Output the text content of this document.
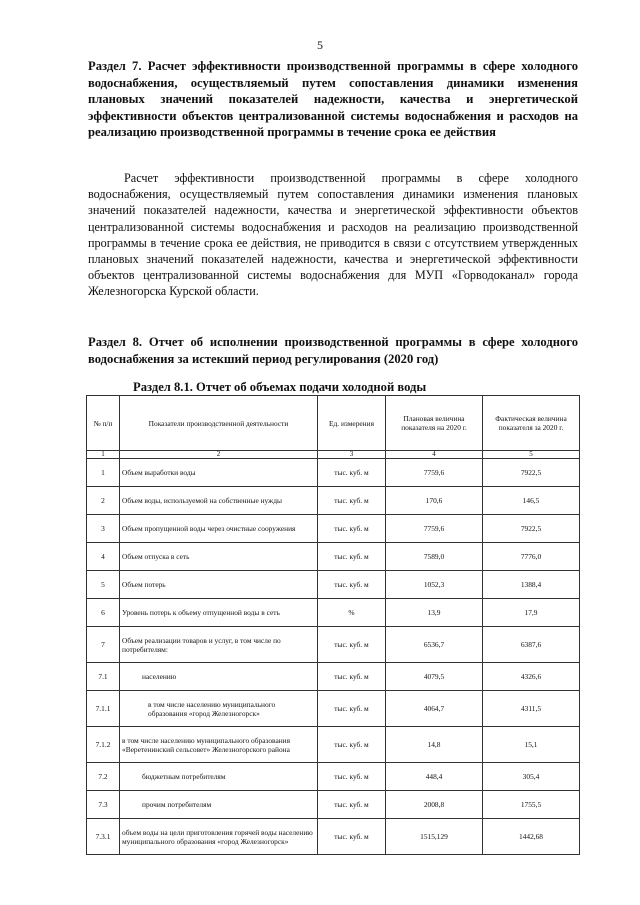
5
Раздел 7. Расчет эффективности производственной программы в сфере холодного водоснабжения, осуществляемый путем сопоставления динамики изменения плановых значений показателей надежности, качества и энергетической эффективности объектов централизованной системы водоснабжения и расходов на реализацию производственной программы в течение срока ее действия
Расчет эффективности производственной программы в сфере холодного водоснабжения, осуществляемый путем сопоставления динамики изменения плановых значений показателей надежности, качества и энергетической эффективности объектов централизованной системы водоснабжения и расходов на реализацию производственной программы в течение срока ее действия, не приводится в связи с отсутствием утвержденных плановых значений показателей надежности, качества и энергетической эффективности объектов централизованной системы водоснабжения для МУП «Горводоканал» города Железногорска Курской области.
Раздел 8. Отчет об исполнении производственной программы в сфере холодного водоснабжения за истекший период регулирования (2020 год)
Раздел 8.1. Отчет об объемах подачи холодной воды
№ п/п	Показатели производственной деятельности	Ед. измерения	Плановая величина показателя на 2020 г.	Фактическая величина показателя за 2020 г.
1	2	3	4	5
1	Объем выработки воды	тыс. куб. м	7759,6	7922,5
2	Объем воды, используемой на собственные нужды	тыс. куб. м	170,6	146,5
3	Объем пропущенной воды через очистные сооружения	тыс. куб. м	7759,6	7922,5
4	Объем отпуска в сеть	тыс. куб. м	7589,0	7776,0
5	Объем потерь	тыс. куб. м	1052,3	1388,4
6	Уровень потерь к объему отпущенной воды в сеть	%	13,9	17,9
7	Объем реализации товаров и услуг, в том числе по потребителям:	тыс. куб. м	6536,7	6387,6
7.1	населению	тыс. куб. м	4079,5	4326,6
7.1.1	в том числе населению муниципального образования «город Железногорск»	тыс. куб. м	4064,7	4311,5
7.1.2	в том числе населению муниципального образования «Веретенинский сельсовет» Железногорского района	тыс. куб. м	14,8	15,1
7.2	бюджетным потребителям	тыс. куб. м	448,4	305,4
7.3	прочим потребителям	тыс. куб. м	2008,8	1755,5
7.3.1	объем воды на цели приготовления горячей воды населению муниципального образования «город Железногорск»	тыс. куб. м	1515,129	1442,68
